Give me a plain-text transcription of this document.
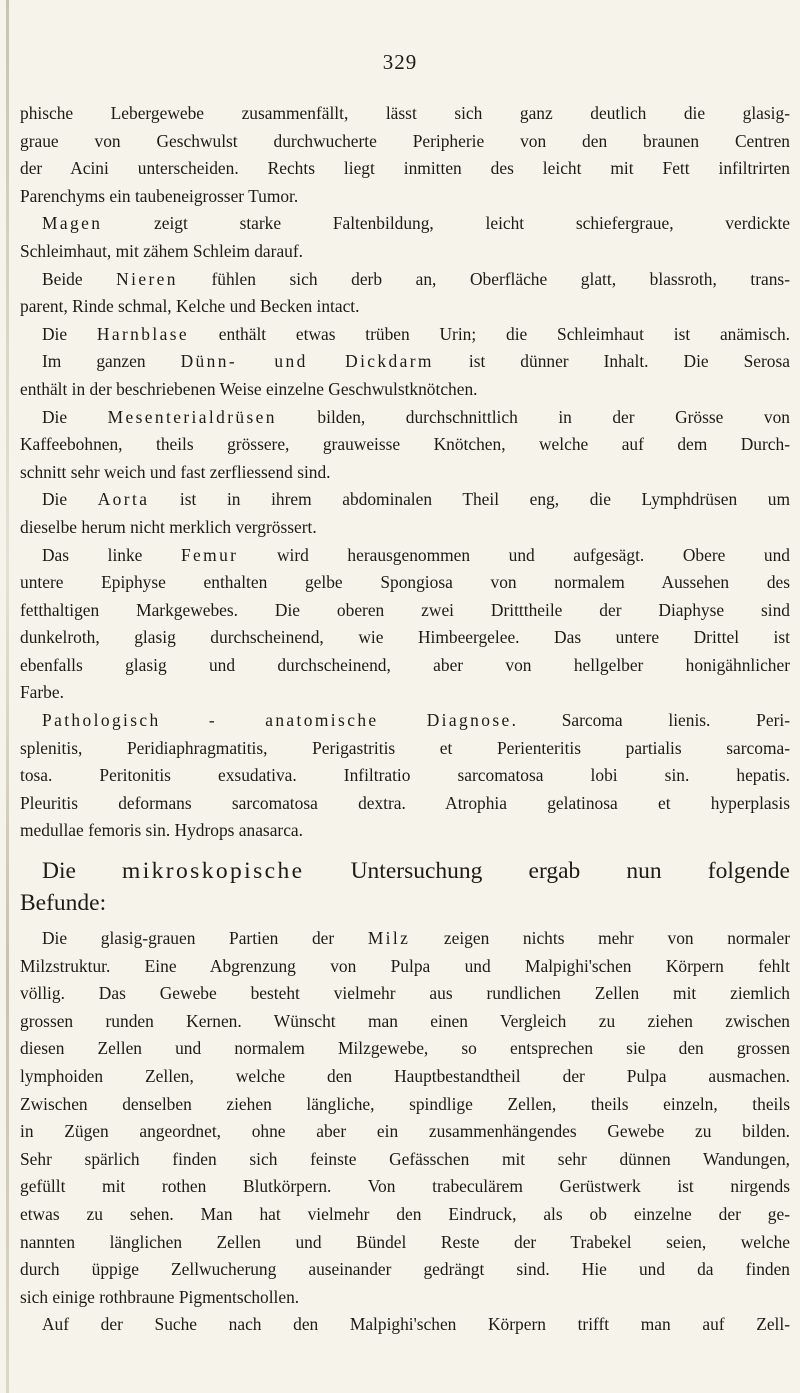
329
phische Lebergewebe zusammenfällt, lässt sich ganz deutlich die glasig-
graue von Geschwulst durchwucherte Peripherie von den braunen Centren
der Acini unterscheiden. Rechts liegt inmitten des leicht mit Fett infiltrirten
Parenchyms ein taubeneigrosser Tumor.
Magen zeigt starke Faltenbildung, leicht schiefergraue, verdickte
Schleimhaut, mit zähem Schleim darauf.
Beide Nieren fühlen sich derb an, Oberfläche glatt, blassroth, trans-
parent, Rinde schmal, Kelche und Becken intact.
Die Harnblase enthält etwas trüben Urin; die Schleimhaut ist anämisch.
Im ganzen Dünn- und Dickdarm ist dünner Inhalt. Die Serosa
enthält in der beschriebenen Weise einzelne Geschwulstknötchen.
Die Mesenterialdrüsen bilden, durchschnittlich in der Grösse von
Kaffeebohnen, theils grössere, grauweisse Knötchen, welche auf dem Durch-
schnitt sehr weich und fast zerfliessend sind.
Die Aorta ist in ihrem abdominalen Theil eng, die Lymphdrüsen um
dieselbe herum nicht merklich vergrössert.
Das linke Femur wird herausgenommen und aufgesägt. Obere und
untere Epiphyse enthalten gelbe Spongiosa von normalem Aussehen des
fetthaltigen Markgewebes. Die oberen zwei Dritttheile der Diaphyse sind
dunkelroth, glasig durchscheinend, wie Himbeergelee. Das untere Drittel ist
ebenfalls glasig und durchscheinend, aber von hellgelber honigähnlicher
Farbe.
Pathologisch - anatomische Diagnose. Sarcoma lienis. Peri-
splenitis, Peridiaphragmatitis, Perigastritis et Perienteritis partialis sarcoma-
tosa. Peritonitis exsudativa. Infiltratio sarcomatosa lobi sin. hepatis.
Pleuritis deformans sarcomatosa dextra. Atrophia gelatinosa et hyperplasis
medullae femoris sin. Hydrops anasarca.
Die mikroskopische Untersuchung ergab nun folgende
Befunde:
Die glasig-grauen Partien der Milz zeigen nichts mehr von normaler
Milzstruktur. Eine Abgrenzung von Pulpa und Malpighi'schen Körpern fehlt
völlig. Das Gewebe besteht vielmehr aus rundlichen Zellen mit ziemlich
grossen runden Kernen. Wünscht man einen Vergleich zu ziehen zwischen
diesen Zellen und normalem Milzgewebe, so entsprechen sie den grossen
lymphoiden Zellen, welche den Hauptbestandtheil der Pulpa ausmachen.
Zwischen denselben ziehen längliche, spindlige Zellen, theils einzeln, theils
in Zügen angeordnet, ohne aber ein zusammenhängendes Gewebe zu bilden.
Sehr spärlich finden sich feinste Gefässchen mit sehr dünnen Wandungen,
gefüllt mit rothen Blutkörpern. Von trabeculärem Gerüstwerk ist nirgends
etwas zu sehen. Man hat vielmehr den Eindruck, als ob einzelne der ge-
nannten länglichen Zellen und Bündel Reste der Trabekel seien, welche
durch üppige Zellwucherung auseinander gedrängt sind. Hie und da finden
sich einige rothbraune Pigmentschollen.
Auf der Suche nach den Malpighi'schen Körpern trifft man auf Zell-
